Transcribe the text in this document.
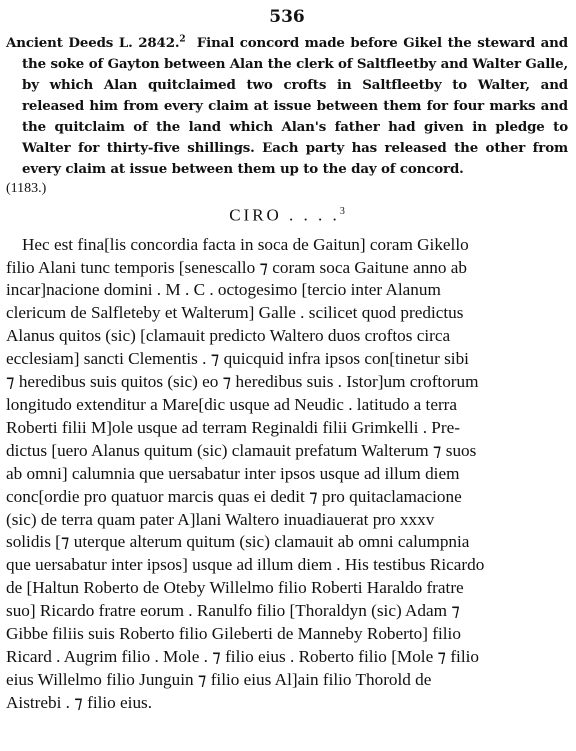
536

Ancient Deeds L. 2842.$^2$ Final concord made before Gikel the steward and the soke of Gayton between Alan the clerk of Saltfleetby and Walter Galle, by which Alan quitclaimed two crofts in Saltfleetby to Walter, and released him from every claim at issue between them for four marks and the quitclaim of the land which Alan's father had given in pledge to Walter for thirty-five shillings. Each party has released the other from every claim at issue between them up to the day of concord.

(1183.)

CIRO . . . .$^3$
Hec est fina[lis concordia facta in soca de Gaitun] coram Gikello
filio Alani tunc temporis [senescallo ⁊ coram soca Gaitune anno ab
incar]nacione domini . M . C . octogesimo [tercio inter Alanum
clericum de Salfleteby et Walterum] Galle . scilicet quod predictus
Alanus quitos (sic) [clamauit predicto Waltero duos croftos circa
ecclesiam] sancti Clementis . ⁊ quicquid infra ipsos con[tinetur sibi
⁊ heredibus suis quitos (sic) eo ⁊ heredibus suis . Istor]um croftorum
longitudo extenditur a Mare[dic usque ad Neudic . latitudo a terra
Roberti filii M]ole usque ad terram Reginaldi filii Grimkelli . Pre-
dictus [uero Alanus quitum (sic) clamauit prefatum Walterum ⁊ suos
ab omni] calumnia que uersabatur inter ipsos usque ad illum diem
conc[ordie pro quatuor marcis quas ei dedit ⁊ pro quitaclamacione
(sic) de terra quam pater A]lani Waltero inuadiauerat pro xxxv
solidis [⁊ uterque alterum quitum (sic) clamauit ab omni calumpnia
que uersabatur inter ipsos] usque ad illum diem . His testibus Ricardo
de [Haltun Roberto de Oteby Willelmo filio Roberti Haraldo fratre
suo] Ricardo fratre eorum . Ranulfo filio [Thoraldyn (sic) Adam ⁊
Gibbe filiis suis Roberto filio Gileberti de Manneby Roberto] filio
Ricard . Augrim filio . Mole . ⁊ filio eius . Roberto filio [Mole ⁊ filio
eius Willelmo filio Junguin ⁊ filio eius Al]ain filio Thorold de
Aistrebi . ⁊ filio eius.
